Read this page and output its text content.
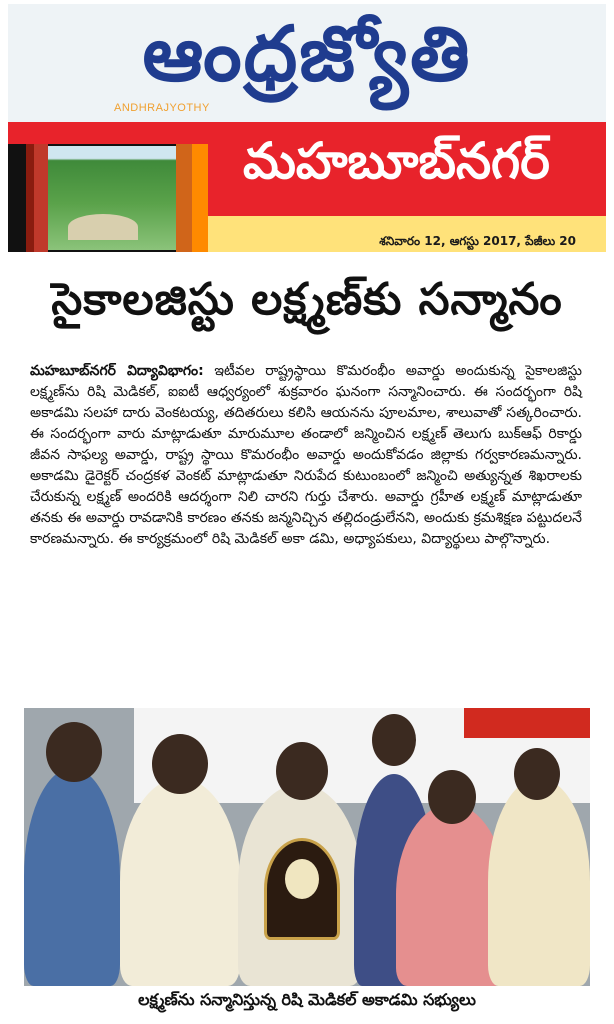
ఆంధ్రజ్యోతి
ANDHRAJYOTHY
మహబూబ్‌నగర్
శనివారం 12, ఆగస్టు 2017, పేజీలు 20
సైకాలజిస్టు లక్ష్మణ్‌కు సన్మానం
మహబూబ్‌నగర్ విద్యావిభాగం: ఇటీవల రాష్ట్రస్థాయి కొమరంభీం అవార్డు అందుకున్న సైకాలజిస్టు లక్ష్మణ్‌ను రిషి మెడికల్, ఐఐటీ ఆధ్వర్యంలో శుక్రవారం ఘనంగా సన్మానించారు. ఈ సందర్భంగా రిషి అకాడమి సలహా దారు వెంకటయ్య, తదితరులు కలిసి ఆయనను పూలమాల, శాలువాతో సత్కరించారు. ఈ సందర్భంగా వారు మాట్లాడుతూ మారుమూల తండాలో జన్మించిన లక్ష్మణ్ తెలుగు బుక్‌ఆఫ్ రికార్డు జీవన సాఫల్య అవార్డు, రాష్ట్ర స్థాయి కొమరంభీం అవార్డు అందుకోవడం జిల్లాకు గర్వకారణమన్నారు. అకాడమి డైరెక్టర్ చంద్రకళ వెంకట్ మాట్లాడుతూ నిరుపేద కుటుంబంలో జన్మించి అత్యున్నత శిఖరాలకు చేరుకున్న లక్ష్మణ్ అందరికి ఆదర్శంగా నిలి చారని గుర్తు చేశారు. అవార్డు గ్రహీత లక్ష్మణ్ మాట్లాడుతూ తనకు ఈ అవార్డు రావడానికి కారణం తనకు జన్మనిచ్చిన తల్లిదండ్రులేనని, అందుకు క్రమశిక్షణ పట్టుదలనే కారణమన్నారు. ఈ కార్యక్రమంలో రిషి మెడికల్ అకా డమి, అధ్యాపకులు, విద్యార్థులు పాల్గొన్నారు.
లక్ష్మణ్‌ను సన్మానిస్తున్న రిషి మెడికల్ అకాడమి సభ్యులు
